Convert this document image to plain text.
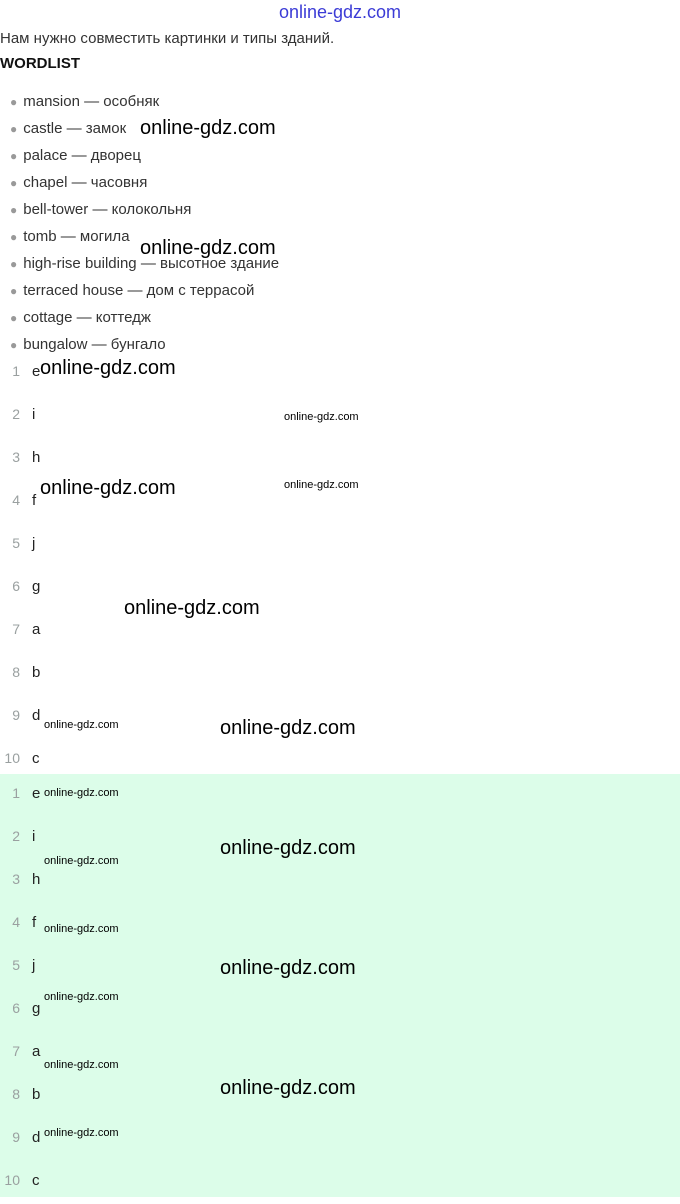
online-gdz.com
Нам нужно совместить картинки и типы зданий.
WORDLIST
● mansion — особняк
● castle — замок
● palace — дворец
● chapel — часовня
● bell-tower — колокольня
● tomb — могила
● high-rise building — высотное здание
● terraced house — дом с террасой
● cottage — коттедж
● bungalow — бунгало
1 e
2 i
3 h
4 f
5 j
6 g
7 a
8 b
9 d
10 c
1 e
2 i
3 h
4 f
5 j
6 g
7 a
8 b
9 d
10 c
online-gdz.com
online-gdz.com
online-gdz.com
online-gdz.com
online-gdz.com	online-gdz.com
online-gdz.com
online-gdz.com	online-gdz.com
online-gdz.com
online-gdz.com
online-gdz.com
online-gdz.com
online-gdz.com
online-gdz.com
online-gdz.com
online-gdz.com
online-gdz.com
